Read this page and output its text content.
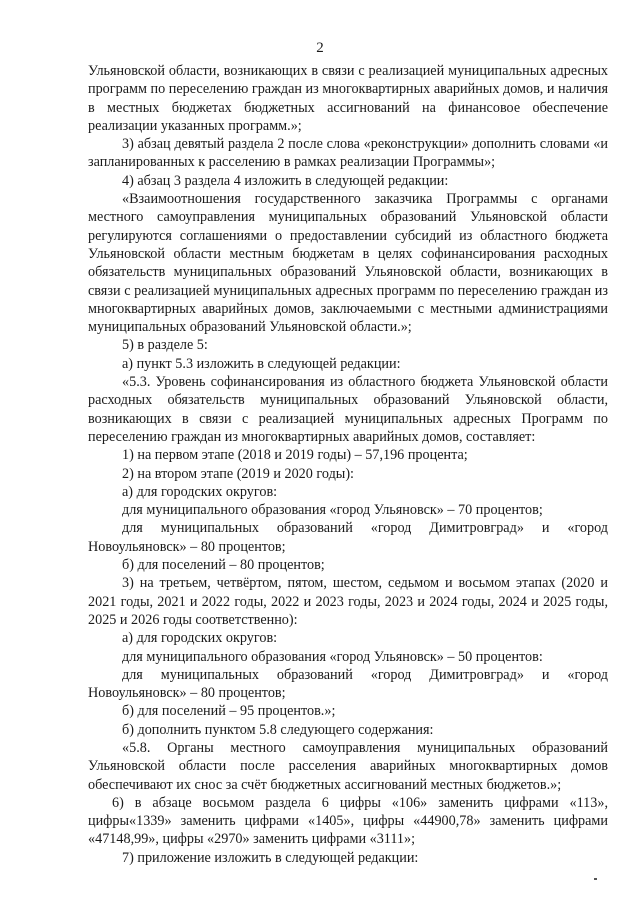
2

Ульяновской области, возникающих в связи с реализацией муниципальных адресных программ по переселению граждан из многоквартирных аварийных домов, и наличия в местных бюджетах бюджетных ассигнований на финансовое обеспечение реализации указанных программ.»;

3) абзац девятый раздела 2 после слова «реконструкции» дополнить словами «и запланированных к расселению в рамках реализации Программы»;

4) абзац 3 раздела 4 изложить в следующей редакции:

«Взаимоотношения государственного заказчика Программы с органами местного самоуправления муниципальных образований Ульяновской области регулируются соглашениями о предоставлении субсидий из областного бюджета Ульяновской области местным бюджетам в целях софинансирования расходных обязательств муниципальных образований Ульяновской области, возникающих в связи с реализацией муниципальных адресных программ по переселению граждан из многоквартирных аварийных домов, заключаемыми с местными администрациями муниципальных образований Ульяновской области.»;

5) в разделе 5:

а) пункт 5.3 изложить в следующей редакции:

«5.3. Уровень софинансирования из областного бюджета Ульяновской области расходных обязательств муниципальных образований Ульяновской области, возникающих в связи с реализацией муниципальных адресных Программ по переселению граждан из многоквартирных аварийных домов, составляет:

1) на первом этапе (2018 и 2019 годы) – 57,196 процента;

2) на втором этапе (2019 и 2020 годы):

а) для городских округов:

для муниципального образования «город Ульяновск» – 70 процентов;

для муниципальных образований «город Димитровград» и «город Новоульяновск» – 80 процентов;

б) для поселений – 80 процентов;

3) на третьем, четвёртом, пятом, шестом, седьмом и восьмом этапах (2020 и 2021 годы, 2021 и 2022 годы, 2022 и 2023 годы, 2023 и 2024 годы, 2024 и 2025 годы, 2025 и 2026 годы соответственно):

а) для городских округов:

для муниципального образования «город Ульяновск» – 50 процентов:

для муниципальных образований «город Димитровград» и «город Новоульяновск» – 80 процентов;

б) для поселений – 95 процентов.»;

б) дополнить пунктом 5.8 следующего содержания:

«5.8. Органы местного самоуправления муниципальных образований Ульяновской области после расселения аварийных многоквартирных домов обеспечивают их снос за счёт бюджетных ассигнований местных бюджетов.»;

6) в абзаце восьмом раздела 6 цифры «106» заменить цифрами «113», цифры«1339» заменить цифрами «1405», цифры «44900,78» заменить цифрами «47148,99», цифры «2970» заменить цифрами «3111»;

7) приложение изложить в следующей редакции:
